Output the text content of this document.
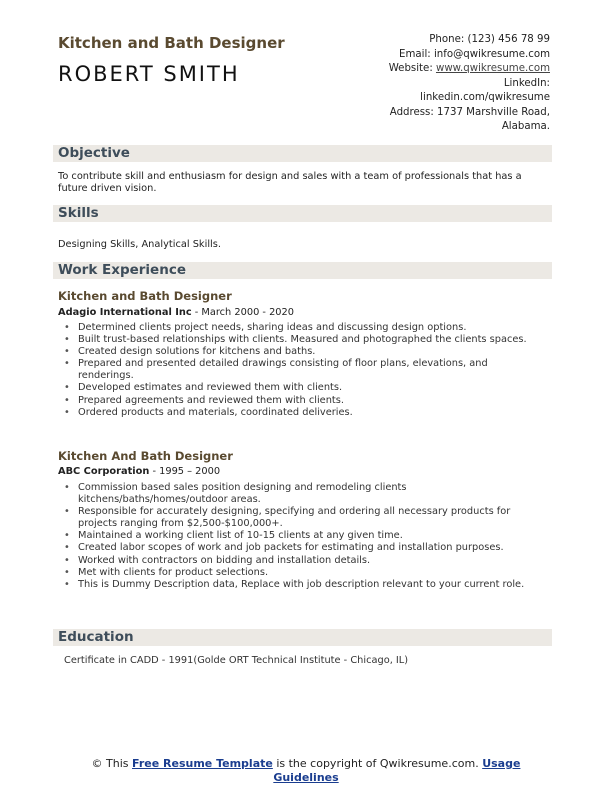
Kitchen and Bath Designer
ROBERT SMITH
Phone: (123) 456 78 99
Email: info@qwikresume.com
Website: www.qwikresume.com
LinkedIn:
linkedin.com/qwikresume
Address: 1737 Marshville Road,
Alabama.
Objective
To contribute skill and enthusiasm for design and sales with a team of professionals that has a future driven vision.
Skills
Designing Skills, Analytical Skills.
Work Experience
Kitchen and Bath Designer
Adagio International Inc - March 2000 - 2020
• Determined clients project needs, sharing ideas and discussing design options.
• Built trust-based relationships with clients. Measured and photographed the clients spaces.
• Created design solutions for kitchens and baths.
• Prepared and presented detailed drawings consisting of floor plans, elevations, and renderings.
• Developed estimates and reviewed them with clients.
• Prepared agreements and reviewed them with clients.
• Ordered products and materials, coordinated deliveries.
Kitchen And Bath Designer
ABC Corporation - 1995 – 2000
• Commission based sales position designing and remodeling clients kitchens/baths/homes/outdoor areas.
• Responsible for accurately designing, specifying and ordering all necessary products for projects ranging from $2,500-$100,000+.
• Maintained a working client list of 10-15 clients at any given time.
• Created labor scopes of work and job packets for estimating and installation purposes.
• Worked with contractors on bidding and installation details.
• Met with clients for product selections.
• This is Dummy Description data, Replace with job description relevant to your current role.
Education
Certificate in CADD - 1991(Golde ORT Technical Institute - Chicago, IL)
© This Free Resume Template is the copyright of Qwikresume.com. Usage
Guidelines
